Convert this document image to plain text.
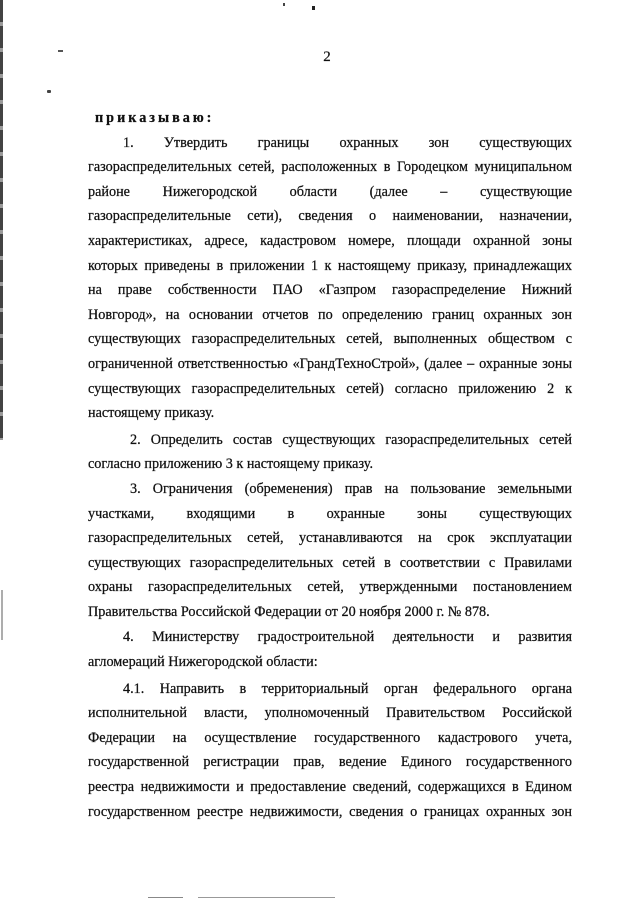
2
приказываю:
1. Утвердить границы охранных зон существующих
газораспределительных сетей, расположенных в Городецком муниципальном
районе Нижегородской области (далее – существующие
газораспределительные сети), сведения о наименовании, назначении,
характеристиках, адресе, кадастровом номере, площади охранной зоны
которых приведены в приложении 1 к настоящему приказу, принадлежащих
на праве собственности ПАО «Газпром газораспределение Нижний
Новгород», на основании отчетов по определению границ охранных зон
существующих газораспределительных сетей, выполненных обществом с
ограниченной ответственностью «ГрандТехноСтрой», (далее – охранные зоны
существующих газораспределительных сетей) согласно приложению 2 к
настоящему приказу.
2. Определить состав существующих газораспределительных сетей
согласно приложению 3 к настоящему приказу.
3. Ограничения (обременения) прав на пользование земельными
участками, входящими в охранные зоны существующих
газораспределительных сетей, устанавливаются на срок эксплуатации
существующих газораспределительных сетей в соответствии с Правилами
охраны газораспределительных сетей, утвержденными постановлением
Правительства Российской Федерации от 20 ноября 2000 г. № 878.
4. Министерству градостроительной деятельности и развития
агломераций Нижегородской области:
4.1. Направить в территориальный орган федерального органа
исполнительной власти, уполномоченный Правительством Российской
Федерации на осуществление государственного кадастрового учета,
государственной регистрации прав, ведение Единого государственного
реестра недвижимости и предоставление сведений, содержащихся в Едином
государственном реестре недвижимости, сведения о границах охранных зон
